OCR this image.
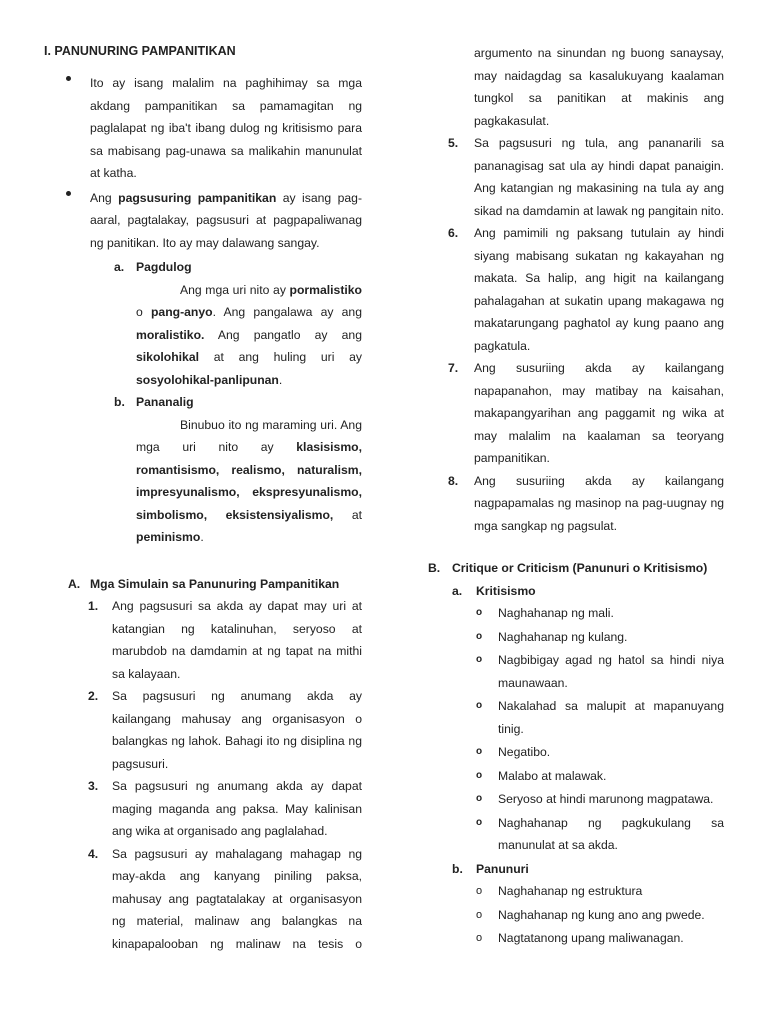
I. PANUNURING PAMPANITIKAN
Ito ay isang malalim na paghihimay sa mga akdang pampanitikan sa pamamagitan ng paglalapat ng iba't ibang dulog ng kritisismo para sa mabisang pag-unawa sa malikahin manunulat at katha.
Ang pagsusuring pampanitikan ay isang pag-aaral, pagtalakay, pagsusuri at pagpapaliwanag ng panitikan. Ito ay may dalawang sangay.
a. Pagdulog
Ang mga uri nito ay pormalistiko o pang-anyo. Ang pangalawa ay ang moralistiko. Ang pangatlo ay ang sikolohikal at ang huling uri ay sosyolohikal-panlipunan.
b. Pananalig
Binubuo ito ng maraming uri. Ang mga uri nito ay klasisismo, romantisismo, realismo, naturalism, impresyunalismo, ekspresyunalismo, simbolismo, eksistensiyalismo, at peminismo.
A. Mga Simulain sa Panunuring Pampanitikan
1.	Ang pagsusuri sa akda ay dapat may uri at katangian ng katalinuhan, seryoso at marubdob na damdamin at ng tapat na mithi sa kalayaan.
2.	Sa pagsusuri ng anumang akda ay kailangang mahusay ang organisasyon o balangkas ng lahok. Bahagi ito ng disiplina ng pagsusuri.
3.	Sa pagsusuri ng anumang akda ay dapat maging maganda ang paksa. May kalinisan ang wika at organisado ang paglalahad.
4.	Sa pagsusuri ay mahalagang mahagap ng may-akda ang kanyang piniling paksa, mahusay ang pagtatalakay at organisasyon ng material, malinaw ang balangkas na kinapapalooban ng malinaw na tesis o
argumento na sinundan ng buong sanaysay, may naidagdag sa kasalukuyang kaalaman tungkol sa panitikan at makinis ang pagkakasulat.
5.	Sa pagsusuri ng tula, ang pananarili sa pananagisag sat ula ay hindi dapat panaigin. Ang katangian ng makasining na tula ay ang sikad na damdamin at lawak ng pangitain nito.
6.	Ang pamimili ng paksang tutulain ay hindi siyang mabisang sukatan ng kakayahan ng makata. Sa halip, ang higit na kailangang pahalagahan at sukatin upang makagawa ng makatarungang paghatol ay kung paano ang pagkatula.
7.	Ang susuriing akda ay kailangang napapanahon, may matibay na kaisahan, makapangyarihan ang paggamit ng wika at may malalim na kaalaman sa teoryang pampanitikan.
8.	Ang susuriing akda ay kailangang nagpapamalas ng masinop na pag-uugnay ng mga sangkap ng pagsulat.
B. Critique or Criticism (Panunuri o Kritisismo)
a.	Kritisismo
o	Naghahanap ng mali.
o	Naghahanap ng kulang.
o	Nagbibigay agad ng hatol sa hindi niya maunawaan.
o	Nakalahad sa malupit at mapanuyang tinig.
o	Negatibo.
o	Malabo at malawak.
o	Seryoso at hindi marunong magpatawa.
o	Naghahanap ng pagkukulang sa manunulat at sa akda.
b.	Panunuri
o	Naghahanap ng estruktura
o	Naghahanap ng kung ano ang pwede.
o	Nagtatanong upang maliwanagan.
